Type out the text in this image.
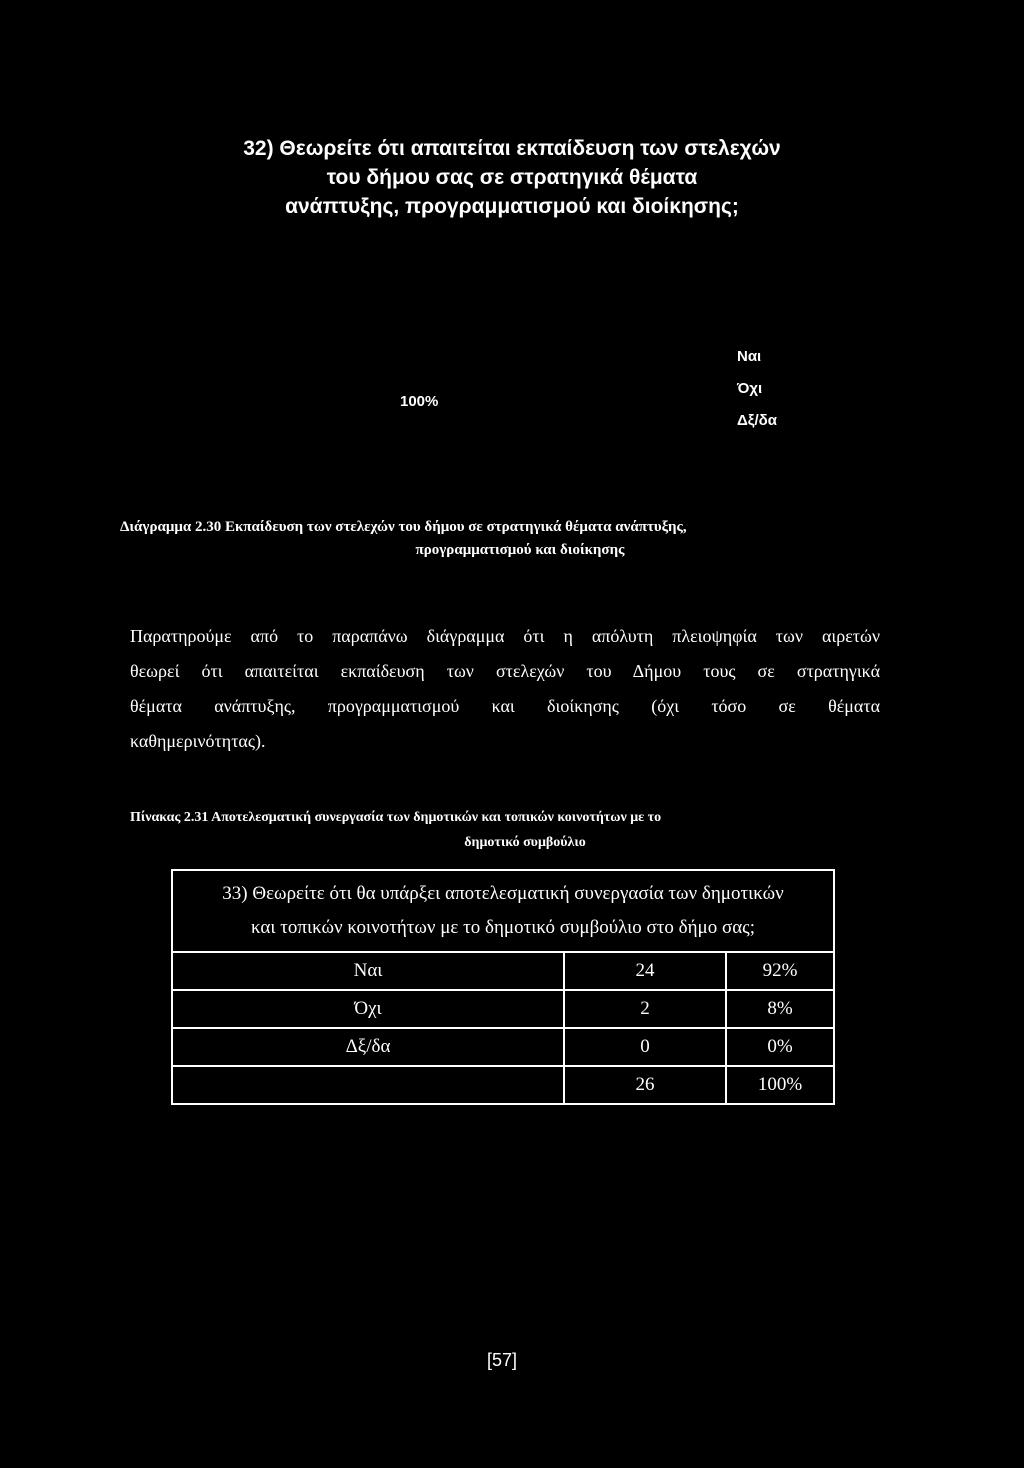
32) Θεωρείτε ότι απαιτείται εκπαίδευση των στελεχών
του δήμου σας σε στρατηγικά θέματα
ανάπτυξης, προγραμματισμού και διοίκησης;
100%
Ναι
Όχι
Δξ/δα
Διάγραμμα 2.30 Εκπαίδευση των στελεχών του δήμου σε στρατηγικά θέματα ανάπτυξης,
προγραμματισμού και διοίκησης
Παρατηρούμε από το παραπάνω διάγραμμα ότι η απόλυτη πλειοψηφία των αιρετών
θεωρεί ότι απαιτείται εκπαίδευση των στελεχών του Δήμου τους σε στρατηγικά
θέματα ανάπτυξης, προγραμματισμού και διοίκησης (όχι τόσο σε θέματα
καθημερινότητας).
Πίνακας 2.31 Αποτελεσματική συνεργασία των δημοτικών και τοπικών κοινοτήτων με το
δημοτικό συμβούλιο
33) Θεωρείτε ότι θα υπάρξει αποτελεσματική συνεργασία των δημοτικών
και τοπικών κοινοτήτων με το δημοτικό συμβούλιο στο δήμο σας;		

Ναι	24	92%
Όχι	2	8%
Δξ/δα	0	0%
	26	100%
[57]
